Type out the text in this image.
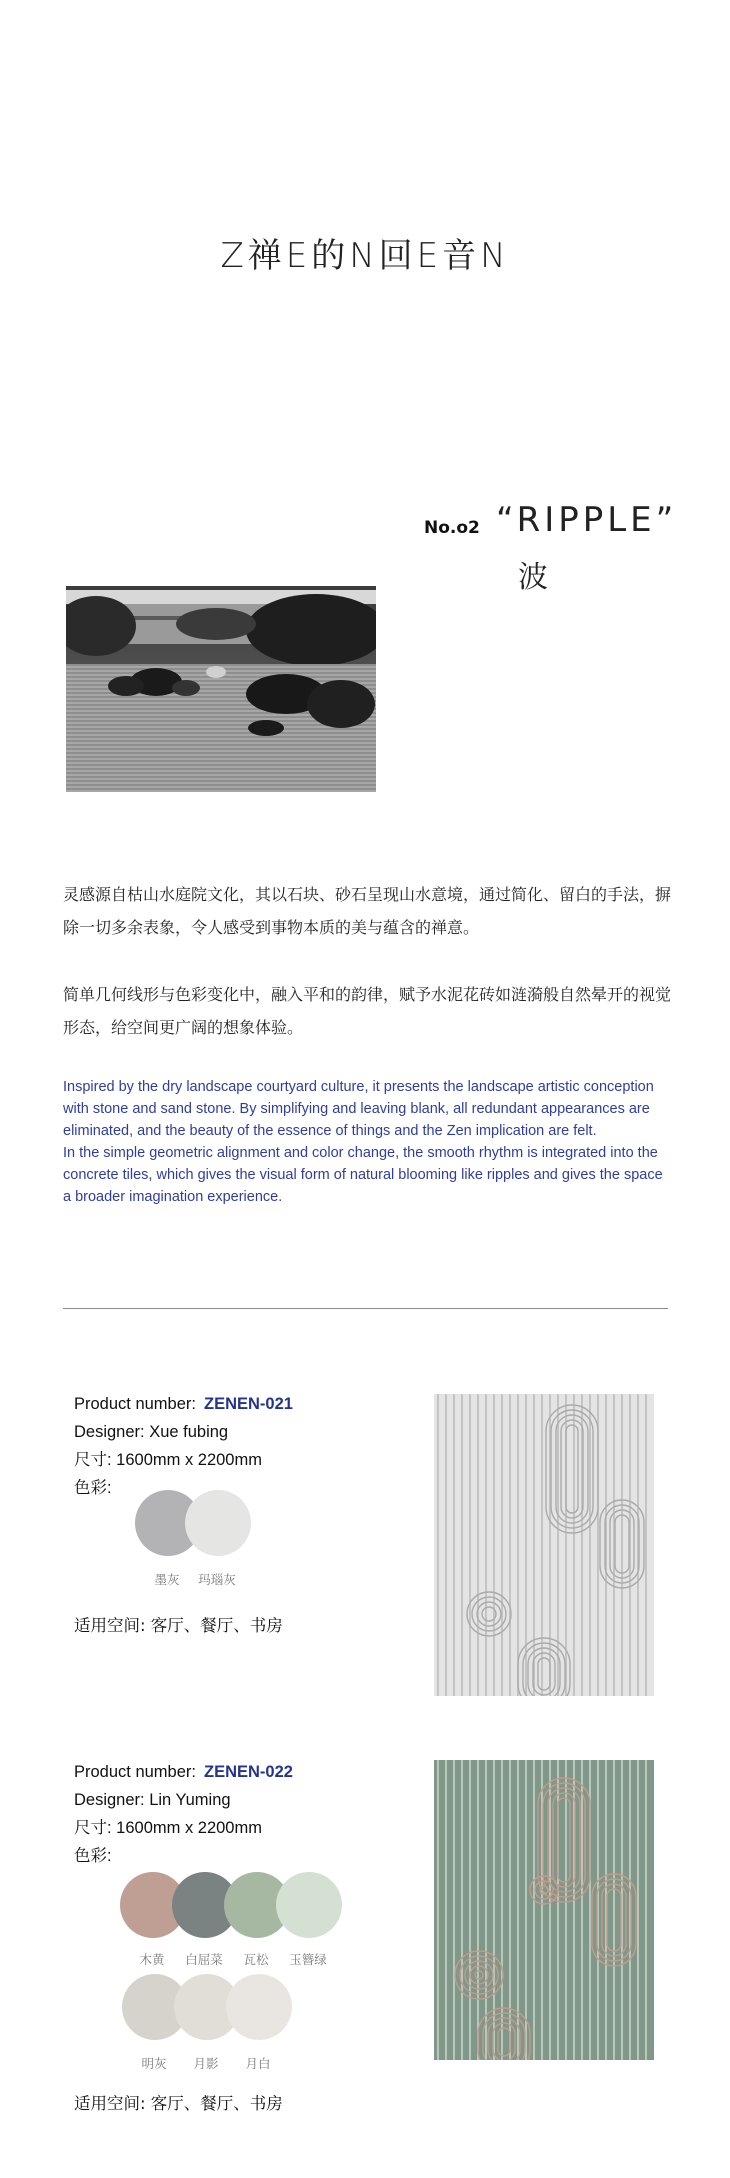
Z禅E的N回E音N
No.o2 “RIPPLE”
波
灵感源自枯山水庭院文化，其以石块、砂石呈现山水意境，通过简化、留白的手法，摒除一切多余表象，令人感受到事物本质的美与蕴含的禅意。
简单几何线形与色彩变化中，融入平和的韵律，赋予水泥花砖如涟漪般自然晕开的视觉形态，给空间更广阔的想象体验。

Inspired by the dry landscape courtyard culture, it presents the landscape artistic conception with stone and sand stone. By simplifying and leaving blank, all redundant appearances are eliminated, and the beauty of the essence of things and the Zen implication are felt.

In the simple geometric alignment and color change, the smooth rhythm is integrated into the concrete tiles, which gives the visual form of natural blooming like ripples and gives the space a broader imagination experience.

Product number: ZENEN-021
Designer: Xue fubing
尺寸: 1600mm x 2200mm
色彩:
墨灰	玛瑙灰
适用空间: 客厅、餐厅、书房
Product number: ZENEN-022
Designer: Lin Yuming
尺寸: 1600mm x 2200mm
色彩:
木黄	白屈菜	瓦松	玉簪绿
明灰	月影	月白
适用空间: 客厅、餐厅、书房
